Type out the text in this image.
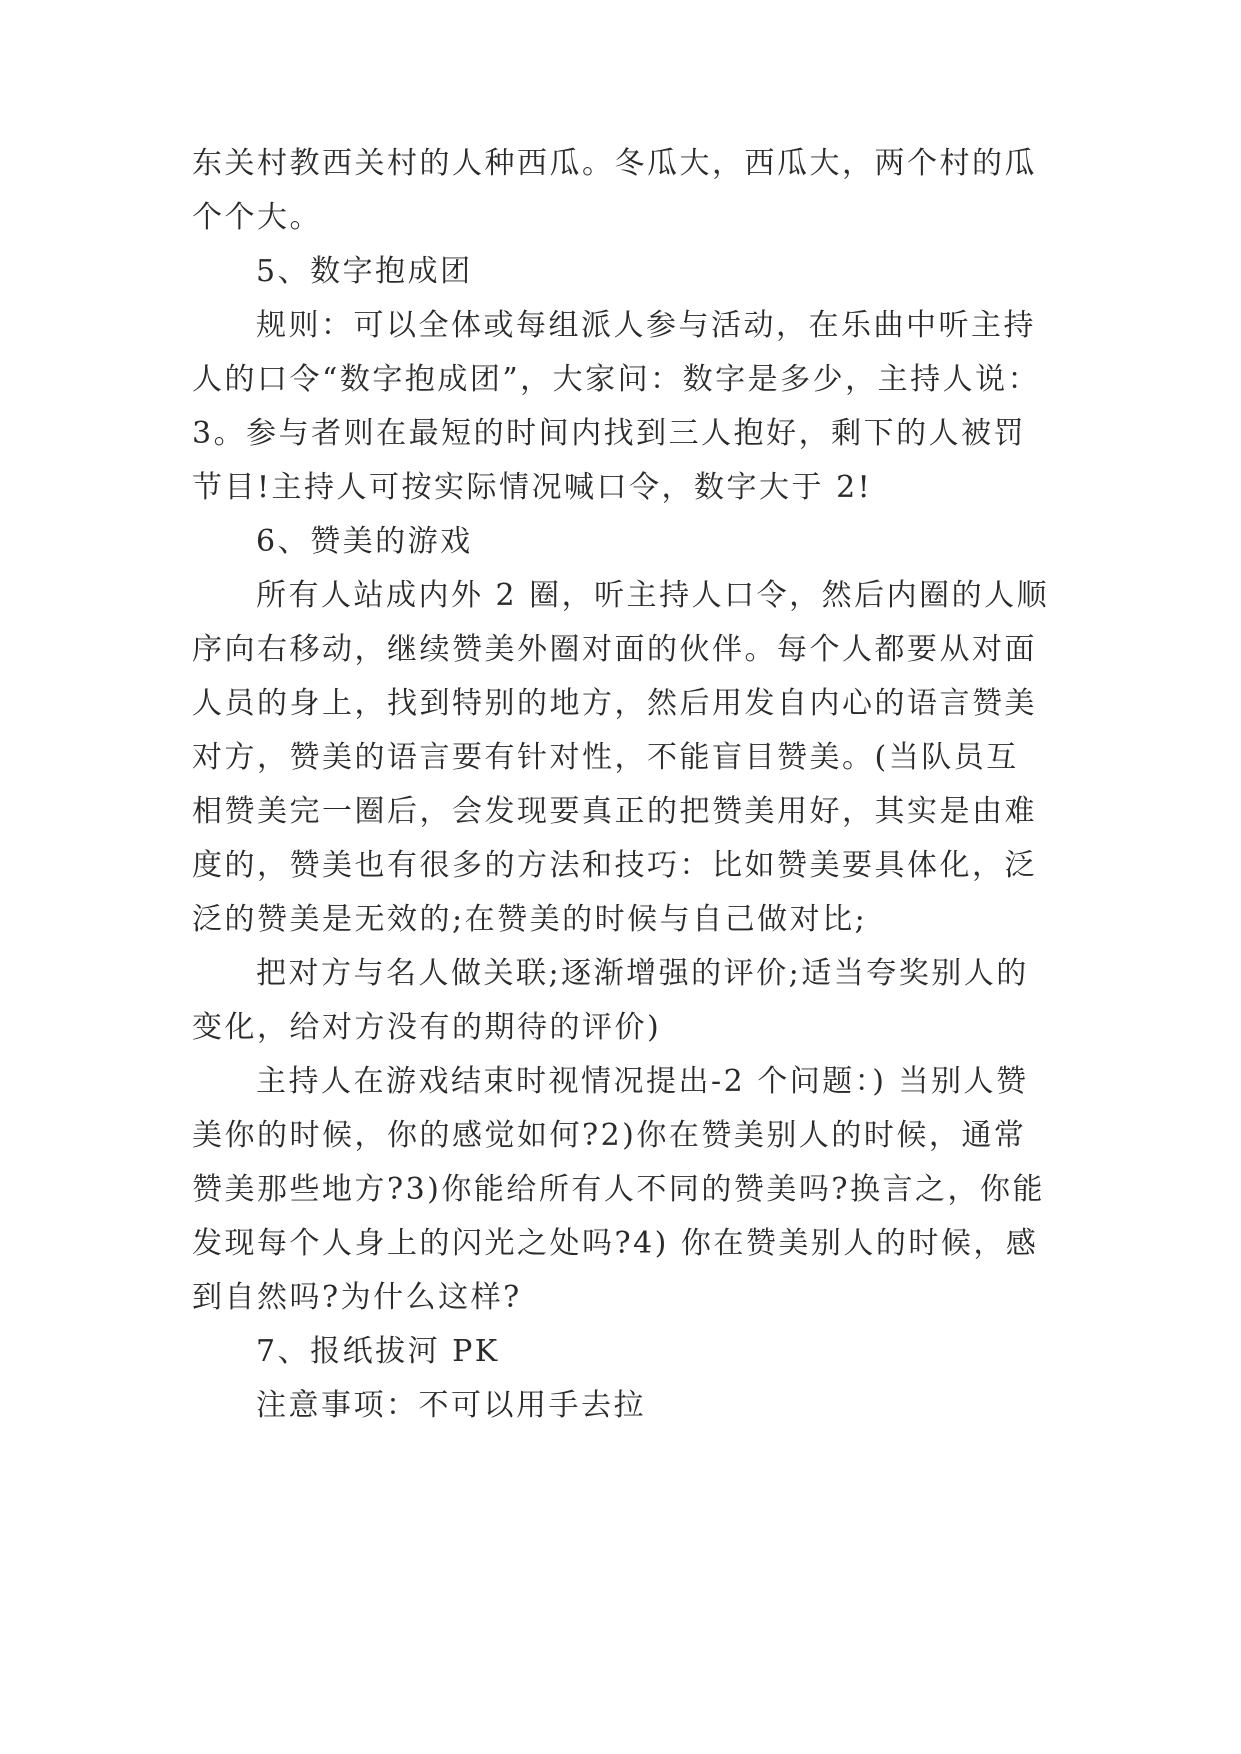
东关村教西关村的人种西瓜。冬瓜大，西瓜大，两个村的瓜
个个大。
5、数字抱成团
规则：可以全体或每组派人参与活动，在乐曲中听主持
人的口令“数字抱成团”，大家问：数字是多少，主持人说：
3。参与者则在最短的时间内找到三人抱好，剩下的人被罚
节目!主持人可按实际情况喊口令，数字大于 2!
6、赞美的游戏
所有人站成内外 2 圈，听主持人口令，然后内圈的人顺
序向右移动，继续赞美外圈对面的伙伴。每个人都要从对面
人员的身上，找到特别的地方，然后用发自内心的语言赞美
对方，赞美的语言要有针对性，不能盲目赞美。(当队员互
相赞美完一圈后，会发现要真正的把赞美用好，其实是由难
度的，赞美也有很多的方法和技巧：比如赞美要具体化，泛
泛的赞美是无效的;在赞美的时候与自己做对比;
把对方与名人做关联;逐渐增强的评价;适当夸奖别人的
变化，给对方没有的期待的评价)
主持人在游戏结束时视情况提出-2 个问题：) 当别人赞
美你的时候，你的感觉如何?2)你在赞美别人的时候，通常
赞美那些地方?3)你能给所有人不同的赞美吗?换言之，你能
发现每个人身上的闪光之处吗?4) 你在赞美别人的时候，感
到自然吗?为什么这样?
7、报纸拔河 PK
注意事项：不可以用手去拉
